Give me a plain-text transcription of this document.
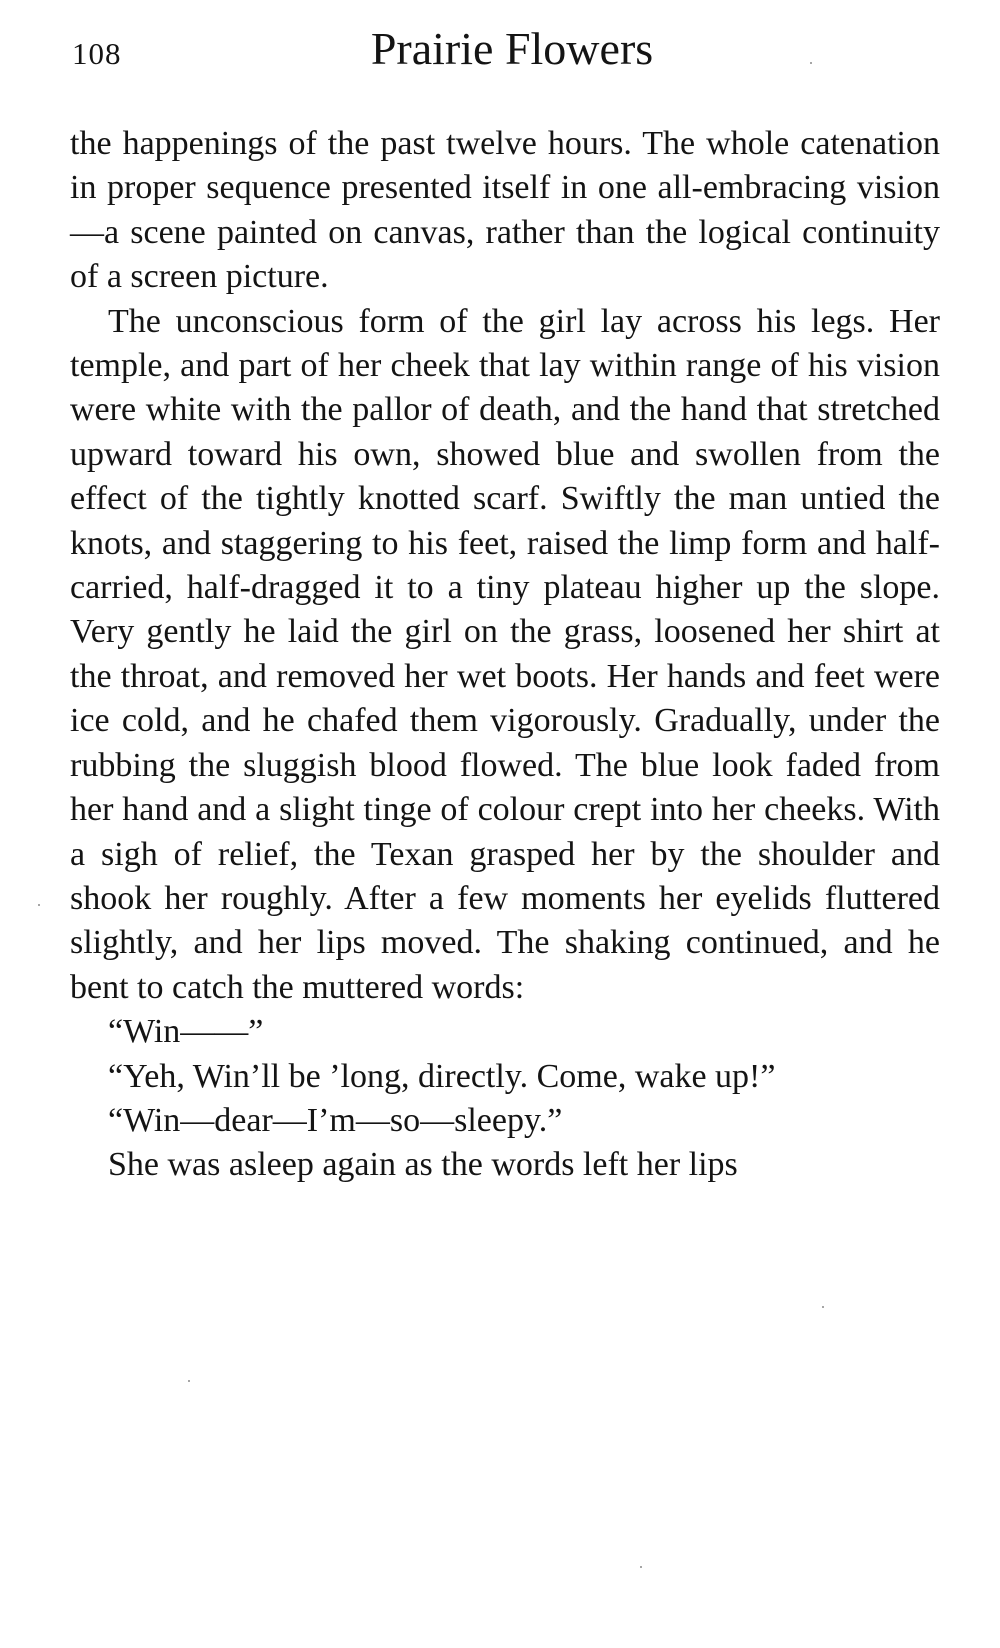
108	Prairie Flowers

the happenings of the past twelve hours. The whole catenation in proper sequence presented itself in one all-embracing vision—a scene painted on canvas, rather than the logical continuity of a screen picture.

The unconscious form of the girl lay across his legs. Her temple, and part of her cheek that lay within range of his vision were white with the pallor of death, and the hand that stretched upward toward his own, showed blue and swollen from the effect of the tightly knotted scarf. Swiftly the man untied the knots, and staggering to his feet, raised the limp form and half-carried, half-dragged it to a tiny plateau higher up the slope. Very gently he laid the girl on the grass, loosened her shirt at the throat, and removed her wet boots. Her hands and feet were ice cold, and he chafed them vigorously. Gradually, under the rubbing the sluggish blood flowed. The blue look faded from her hand and a slight tinge of colour crept into her cheeks. With a sigh of relief, the Texan grasped her by the shoulder and shook her roughly. After a few moments her eyelids fluttered slightly, and her lips moved. The shaking continued, and he bent to catch the muttered words:

“Win——”

“Yeh, Win’ll be ’long, directly. Come, wake up!”

“Win—dear—I’m—so—sleepy.”

She was asleep again as the words left her lips
